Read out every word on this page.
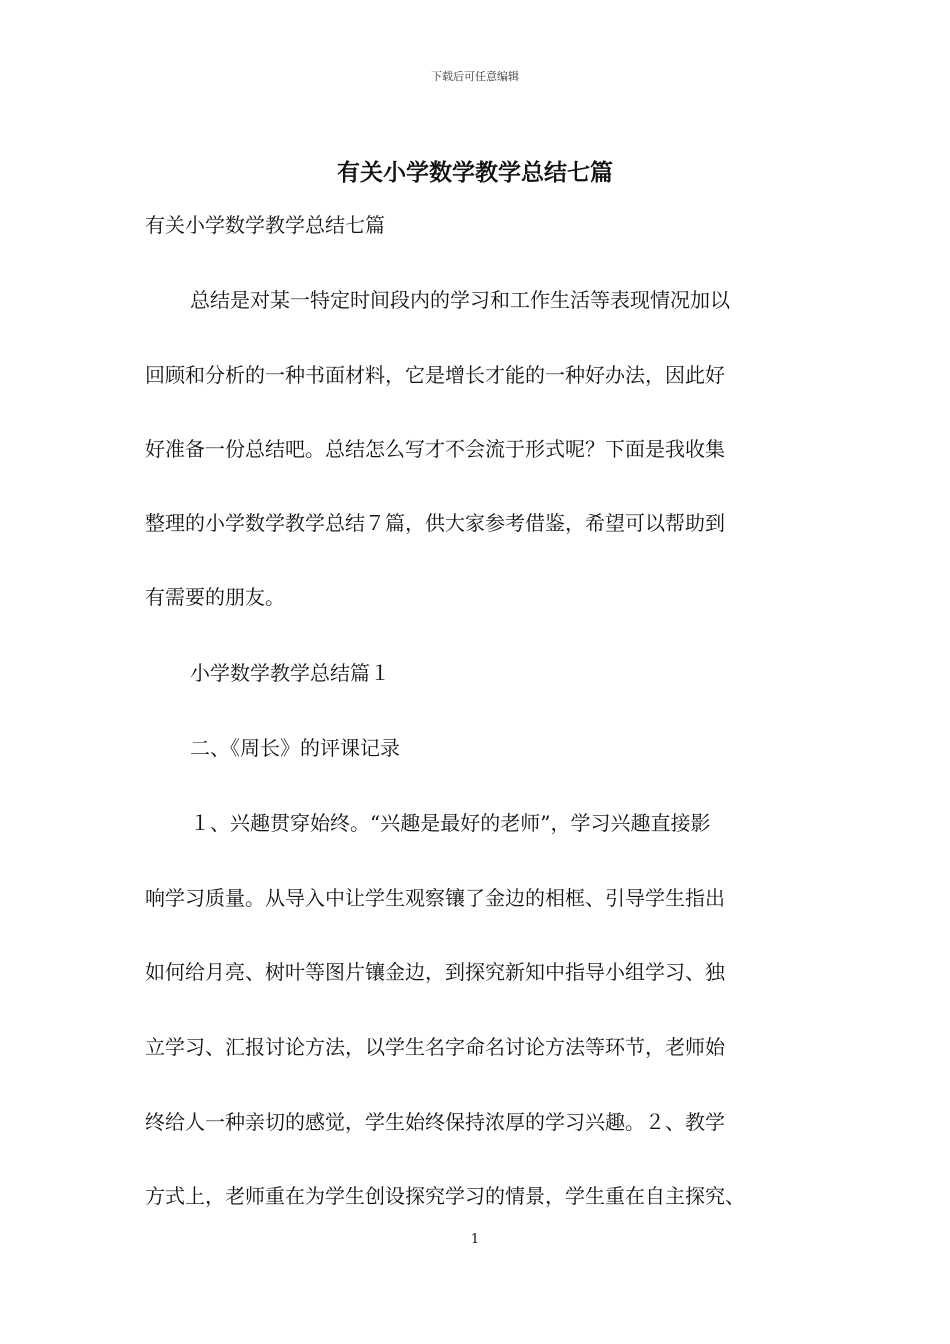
下载后可任意编辑
有关小学数学教学总结七篇
有关小学数学教学总结七篇
总结是对某一特定时间段内的学习和工作生活等表现情况加以
回顾和分析的一种书面材料，它是增长才能的一种好办法，因此好
好准备一份总结吧。总结怎么写才不会流于形式呢？下面是我收集
整理的小学数学教学总结７篇，供大家参考借鉴，希望可以帮助到
有需要的朋友。
小学数学教学总结篇１
二、《周长》的评课记录
１、兴趣贯穿始终。“兴趣是最好的老师”，学习兴趣直接影
响学习质量。从导入中让学生观察镶了金边的相框、引导学生指出
如何给月亮、树叶等图片镶金边，到探究新知中指导小组学习、独
立学习、汇报讨论方法，以学生名字命名讨论方法等环节，老师始
终给人一种亲切的感觉，学生始终保持浓厚的学习兴趣。２、教学
方式上，老师重在为学生创设探究学习的情景，学生重在自主探究、
1
